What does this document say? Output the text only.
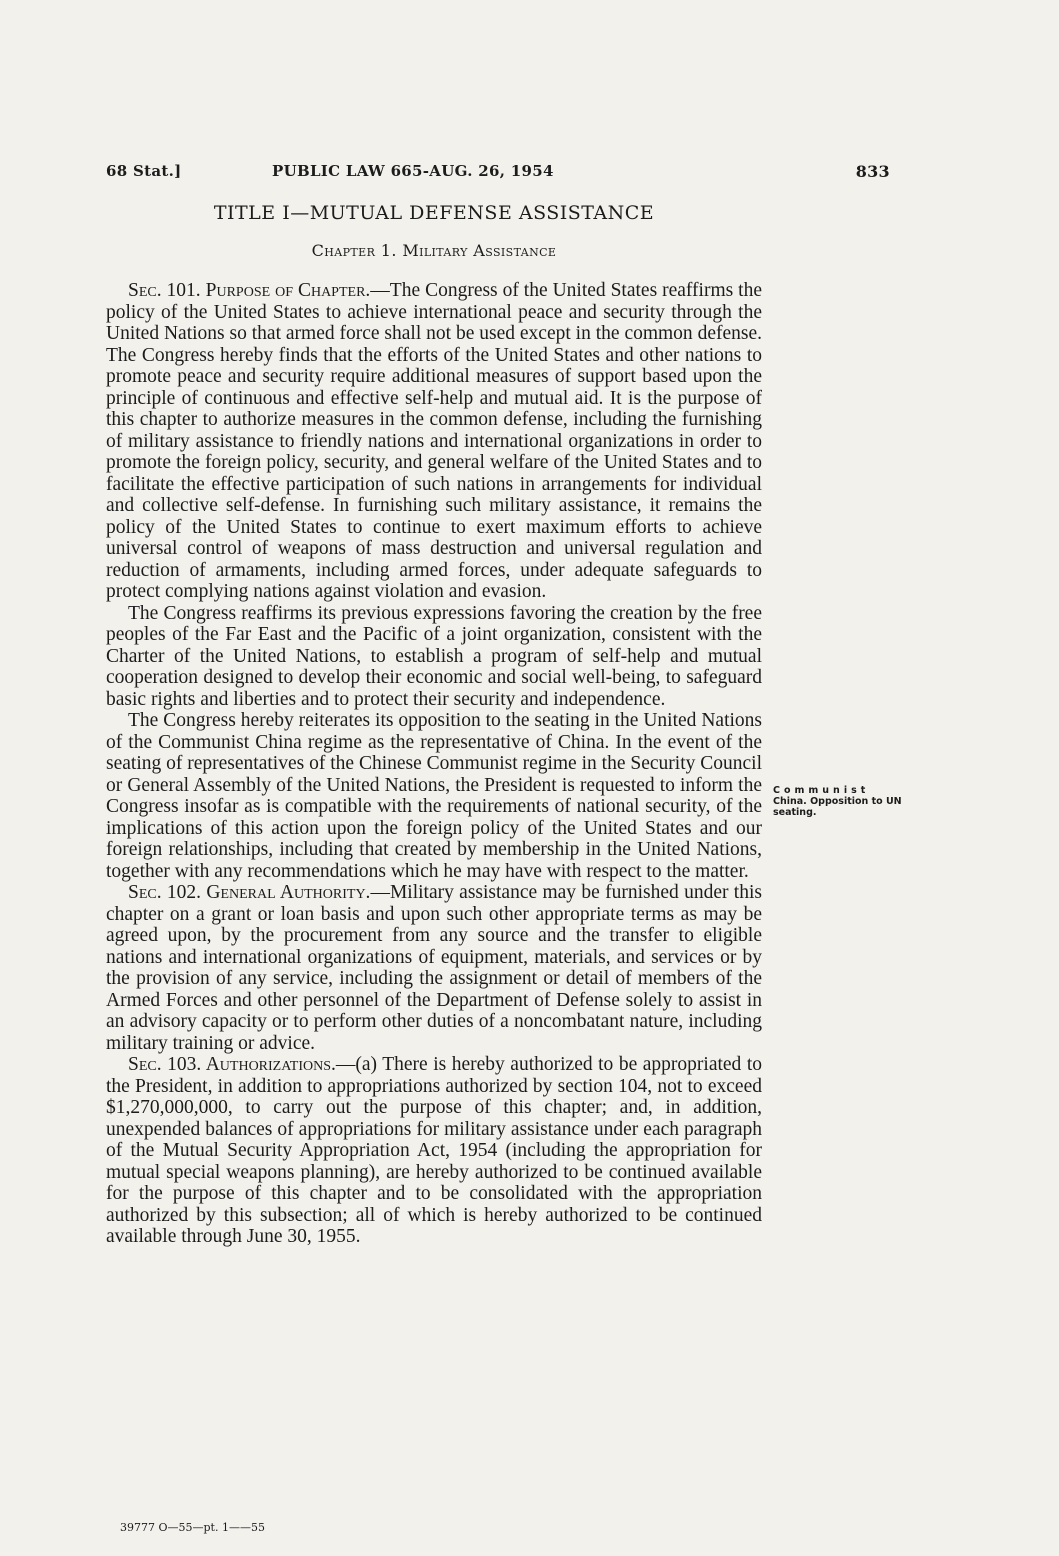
68 Stat.]	PUBLIC LAW 665-AUG. 26, 1954	833
TITLE I—MUTUAL DEFENSE ASSISTANCE
Chapter 1. Military Assistance

Sec. 101. Purpose of Chapter.—The Congress of the United States reaffirms the policy of the United States to achieve international peace and security through the United Nations so that armed force shall not be used except in the common defense. The Congress hereby finds that the efforts of the United States and other nations to promote peace and security require additional measures of support based upon the principle of continuous and effective self-help and mutual aid. It is the purpose of this chapter to authorize measures in the common defense, including the furnishing of military assistance to friendly nations and international organizations in order to promote the foreign policy, security, and general welfare of the United States and to facilitate the effective participation of such nations in arrangements for individual and collective self-defense. In furnishing such military assistance, it remains the policy of the United States to continue to exert maximum efforts to achieve universal control of weapons of mass destruction and universal regulation and reduction of armaments, including armed forces, under adequate safeguards to protect complying nations against violation and evasion.

The Congress reaffirms its previous expressions favoring the creation by the free peoples of the Far East and the Pacific of a joint organization, consistent with the Charter of the United Nations, to establish a program of self-help and mutual cooperation designed to develop their economic and social well-being, to safeguard basic rights and liberties and to protect their security and independence.

The Congress hereby reiterates its opposition to the seating in the United Nations of the Communist China regime as the representative of China. In the event of the seating of representatives of the Chinese Communist regime in the Security Council or General Assembly of the United Nations, the President is requested to inform the Congress insofar as is compatible with the requirements of national security, of the implications of this action upon the foreign policy of the United States and our foreign relationships, including that created by membership in the United Nations, together with any recommendations which he may have with respect to the matter.

Sec. 102. General Authority.—Military assistance may be furnished under this chapter on a grant or loan basis and upon such other appropriate terms as may be agreed upon, by the procurement from any source and the transfer to eligible nations and international organizations of equipment, materials, and services or by the provision of any service, including the assignment or detail of members of the Armed Forces and other personnel of the Department of Defense solely to assist in an advisory capacity or to perform other duties of a noncombatant nature, including military training or advice.

Sec. 103. Authorizations.—(a) There is hereby authorized to be appropriated to the President, in addition to appropriations authorized by section 104, not to exceed $1,270,000,000, to carry out the purpose of this chapter; and, in addition, unexpended balances of appropriations for military assistance under each paragraph of the Mutual Security Appropriation Act, 1954 (including the appropriation for mutual special weapons planning), are hereby authorized to be continued available for the purpose of this chapter and to be consolidated with the appropriation authorized by this subsection; all of which is hereby authorized to be continued available through June 30, 1955.

Communist
China. Opposition to UN seating.
39777 O—55—pt. 1——55
